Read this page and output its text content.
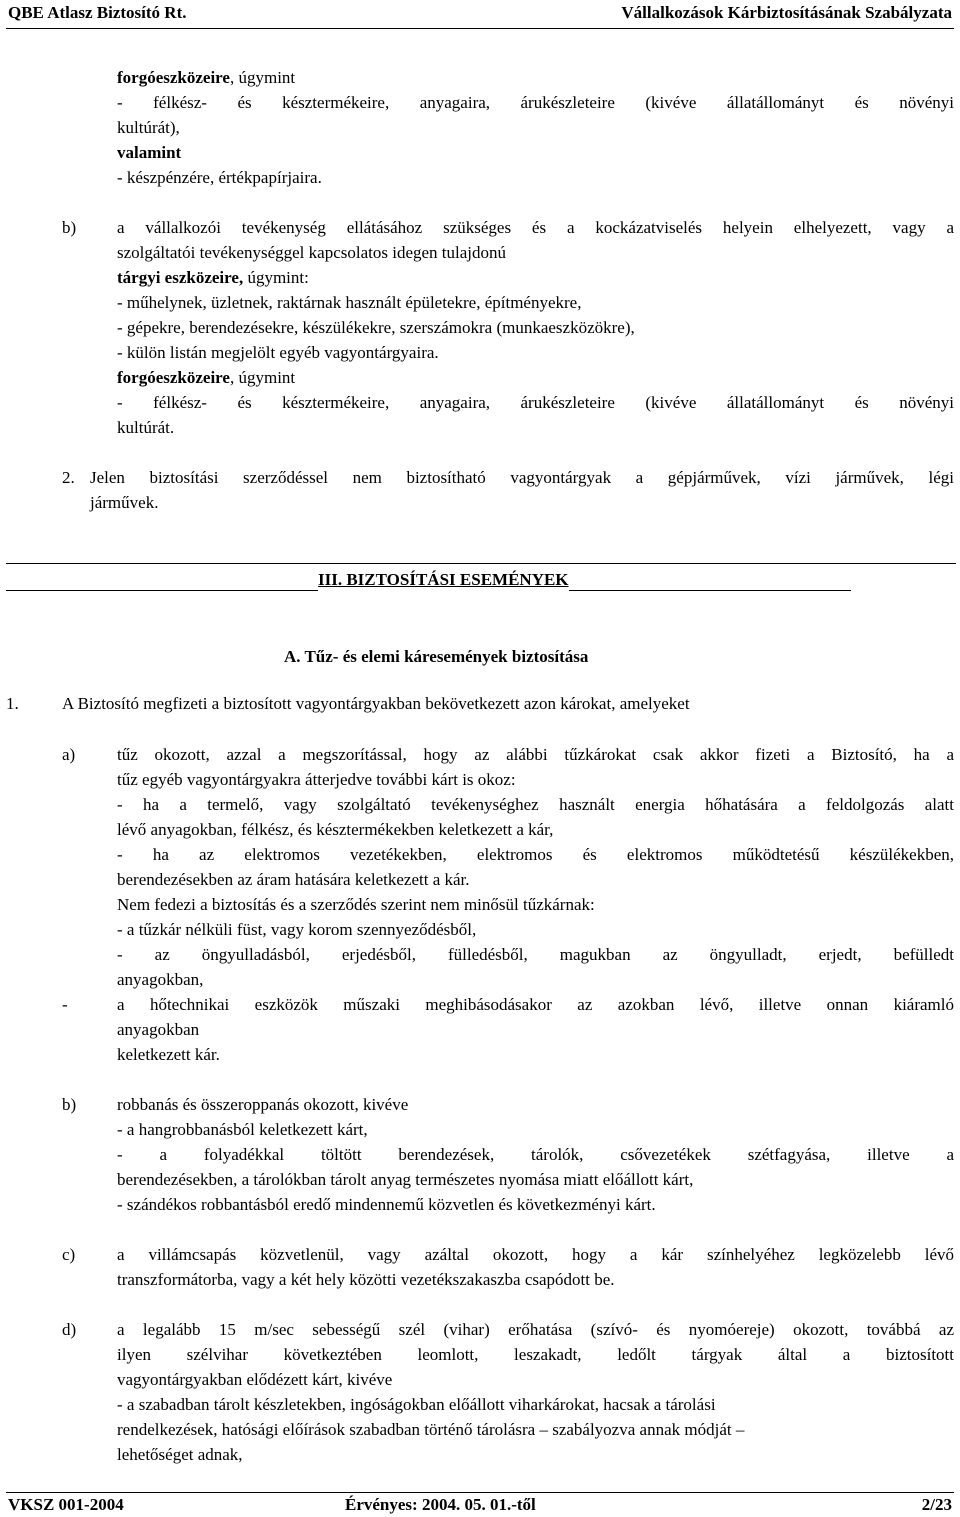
QBE Atlasz Biztosító Rt.	Vállalkozások Kárbiztosításának Szabályzata
forgóeszközeire, úgymint
- félkész- és késztermékeire, anyagaira, árukészleteire (kivéve állatállományt és növényi
kultúrát),
valamint
- készpénzére, értékpapírjaira.
b) a vállalkozói tevékenység ellátásához szükséges és a kockázatviselés helyein elhelyezett, vagy a
szolgáltatói tevékenységgel kapcsolatos idegen tulajdonú
tárgyi eszközeire, úgymint:
- műhelynek, üzletnek, raktárnak használt épületekre, építményekre,
- gépekre, berendezésekre, készülékekre, szerszámokra (munkaeszközökre),
- külön listán megjelölt egyéb vagyontárgyaira.
forgóeszközeire, úgymint
- félkész- és késztermékeire, anyagaira, árukészleteire (kivéve állatállományt és növényi
kultúrát.
2. Jelen biztosítási szerződéssel nem biztosítható vagyontárgyak a gépjárművek, vízi járművek, légi
járművek.
III. BIZTOSÍTÁSI ESEMÉNYEK
A. Tűz- és elemi káresemények biztosítása
1.	A Biztosító megfizeti a biztosított vagyontárgyakban bekövetkezett azon károkat, amelyeket
a) tűz okozott, azzal a megszorítással, hogy az alábbi tűzkárokat csak akkor fizeti a Biztosító, ha a
tűz egyéb vagyontárgyakra átterjedve további kárt is okoz:
- ha a termelő, vagy szolgáltató tevékenységhez használt energia hőhatására a feldolgozás alatt
lévő anyagokban, félkész, és késztermékekben keletkezett a kár,
- ha az elektromos vezetékekben, elektromos és elektromos működtetésű készülékekben,
berendezésekben az áram hatására keletkezett a kár.
Nem fedezi a biztosítás és a szerződés szerint nem minősül tűzkárnak:
- a tűzkár nélküli füst, vagy korom szennyeződésből,
- az öngyulladásból, erjedésből, fülledésből, magukban az öngyulladt, erjedt, befülledt
anyagokban,
-	a hőtechnikai eszközök műszaki meghibásodásakor az azokban lévő, illetve onnan kiáramló
anyagokban
keletkezett kár.
b) robbanás és összeroppanás okozott, kivéve
- a hangrobbanásból keletkezett kárt,
- a folyadékkal töltött berendezések, tárolók, csővezetékek szétfagyása, illetve a
berendezésekben, a tárolókban tárolt anyag természetes nyomása miatt előállott kárt,
- szándékos robbantásból eredő mindennemű közvetlen és következményi kárt.
c) a villámcsapás közvetlenül, vagy azáltal okozott, hogy a kár színhelyéhez legközelebb lévő
transzformátorba, vagy a két hely közötti vezetékszakaszba csapódott be.
d) a legalább 15 m/sec sebességű szél (vihar) erőhatása (szívó- és nyomóereje) okozott, továbbá az
ilyen szélvihar következtében leomlott, leszakadt, ledőlt tárgyak által a biztosított
vagyontárgyakban elődézett kárt, kivéve
- a szabadban tárolt készletekben, ingóságokban előállott viharkárokat, hacsak a tárolási
rendelkezések, hatósági előírások szabadban történő tárolásra – szabályozva annak módját –
lehetőséget adnak,
VKSZ 001-2004	Érvényes: 2004. 05. 01.-től	2/23
